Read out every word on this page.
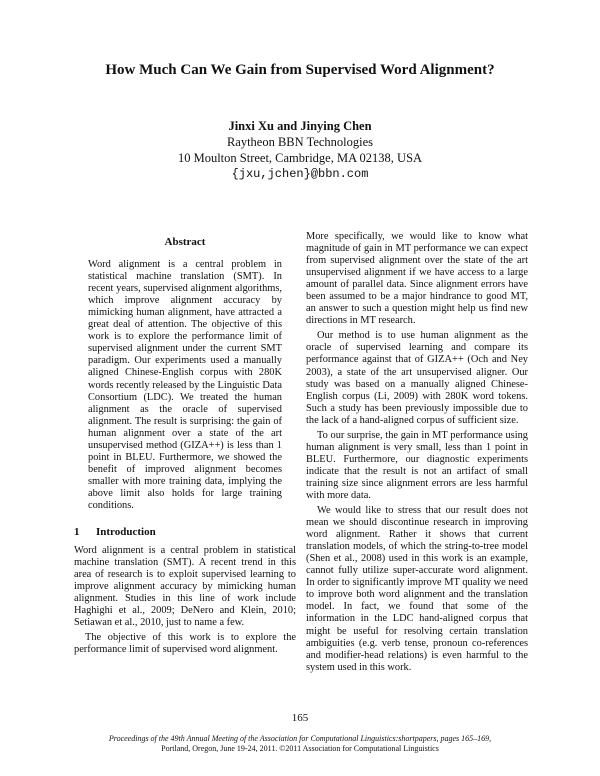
How Much Can We Gain from Supervised Word Alignment?
Jinxi Xu and Jinying Chen
Raytheon BBN Technologies
10 Moulton Street, Cambridge, MA 02138, USA
{jxu,jchen}@bbn.com
Abstract

Word alignment is a central problem in statistical machine translation (SMT). In recent years, supervised alignment algorithms, which improve alignment accuracy by mimicking human alignment, have attracted a great deal of attention. The objective of this work is to explore the performance limit of supervised alignment under the current SMT paradigm. Our experiments used a manually aligned Chinese-English corpus with 280K words recently released by the Linguistic Data Consortium (LDC). We treated the human alignment as the oracle of supervised alignment. The result is surprising: the gain of human alignment over a state of the art unsupervised method (GIZA++) is less than 1 point in BLEU. Furthermore, we showed the benefit of improved alignment becomes smaller with more training data, implying the above limit also holds for large training conditions.

1 Introduction

Word alignment is a central problem in statistical machine translation (SMT). A recent trend in this area of research is to exploit supervised learning to improve alignment accuracy by mimicking human alignment. Studies in this line of work include Haghighi et al., 2009; DeNero and Klein, 2010; Setiawan et al., 2010, just to name a few.

The objective of this work is to explore the performance limit of supervised word alignment.

More specifically, we would like to know what magnitude of gain in MT performance we can expect from supervised alignment over the state of the art unsupervised alignment if we have access to a large amount of parallel data. Since alignment errors have been assumed to be a major hindrance to good MT, an answer to such a question might help us find new directions in MT research.

Our method is to use human alignment as the oracle of supervised learning and compare its performance against that of GIZA++ (Och and Ney 2003), a state of the art unsupervised aligner. Our study was based on a manually aligned Chinese-English corpus (Li, 2009) with 280K word tokens. Such a study has been previously impossible due to the lack of a hand-aligned corpus of sufficient size.

To our surprise, the gain in MT performance using human alignment is very small, less than 1 point in BLEU. Furthermore, our diagnostic experiments indicate that the result is not an artifact of small training size since alignment errors are less harmful with more data.

We would like to stress that our result does not mean we should discontinue research in improving word alignment. Rather it shows that current translation models, of which the string-to-tree model (Shen et al., 2008) used in this work is an example, cannot fully utilize super-accurate word alignment. In order to significantly improve MT quality we need to improve both word alignment and the translation model. In fact, we found that some of the information in the LDC hand-aligned corpus that might be useful for resolving certain translation ambiguities (e.g. verb tense, pronoun co-references and modifier-head relations) is even harmful to the system used in this work.

165
Proceedings of the 49th Annual Meeting of the Association for Computational Linguistics:shortpapers, pages 165–169,
Portland, Oregon, June 19-24, 2011. ©2011 Association for Computational Linguistics
